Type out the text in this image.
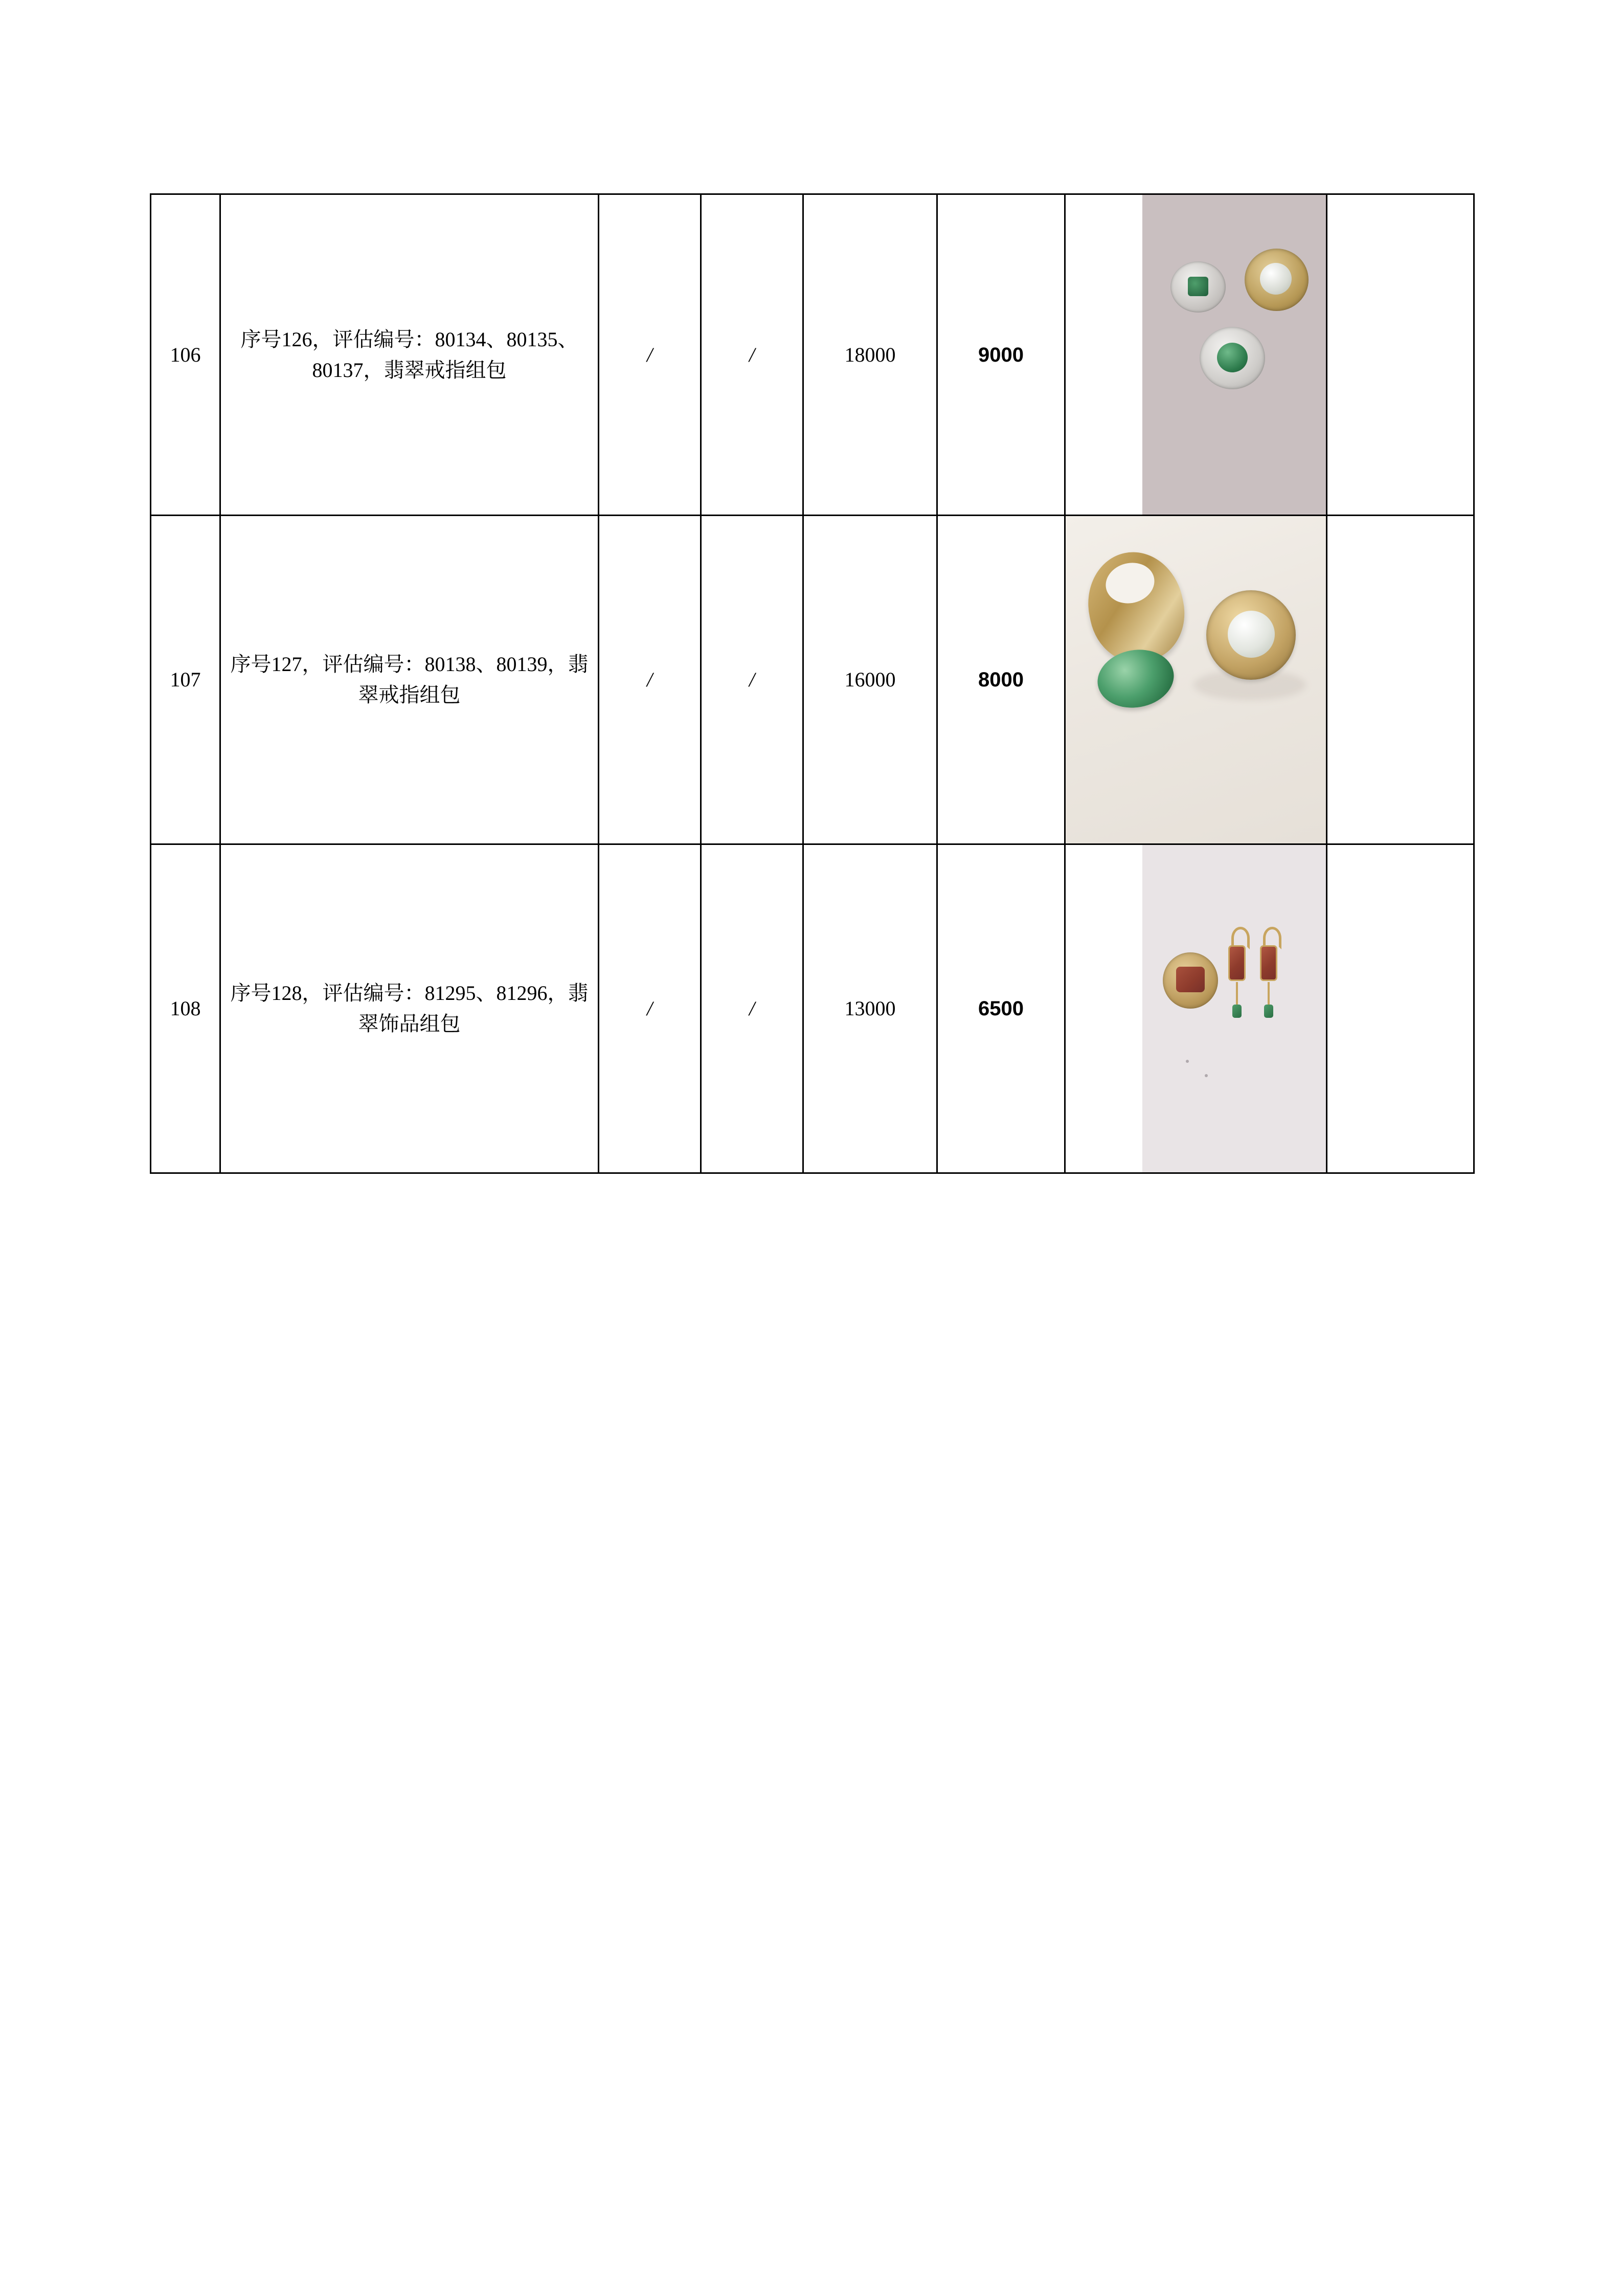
106	序号126，评估编号：80134、80135、80137，翡翠戒指组包	/	/	18000	9000	

107	序号127，评估编号：80138、80139，翡翠戒指组包	/	/	16000	8000	

108	序号128，评估编号：81295、81296，翡翠饰品组包	/	/	13000	6500	
